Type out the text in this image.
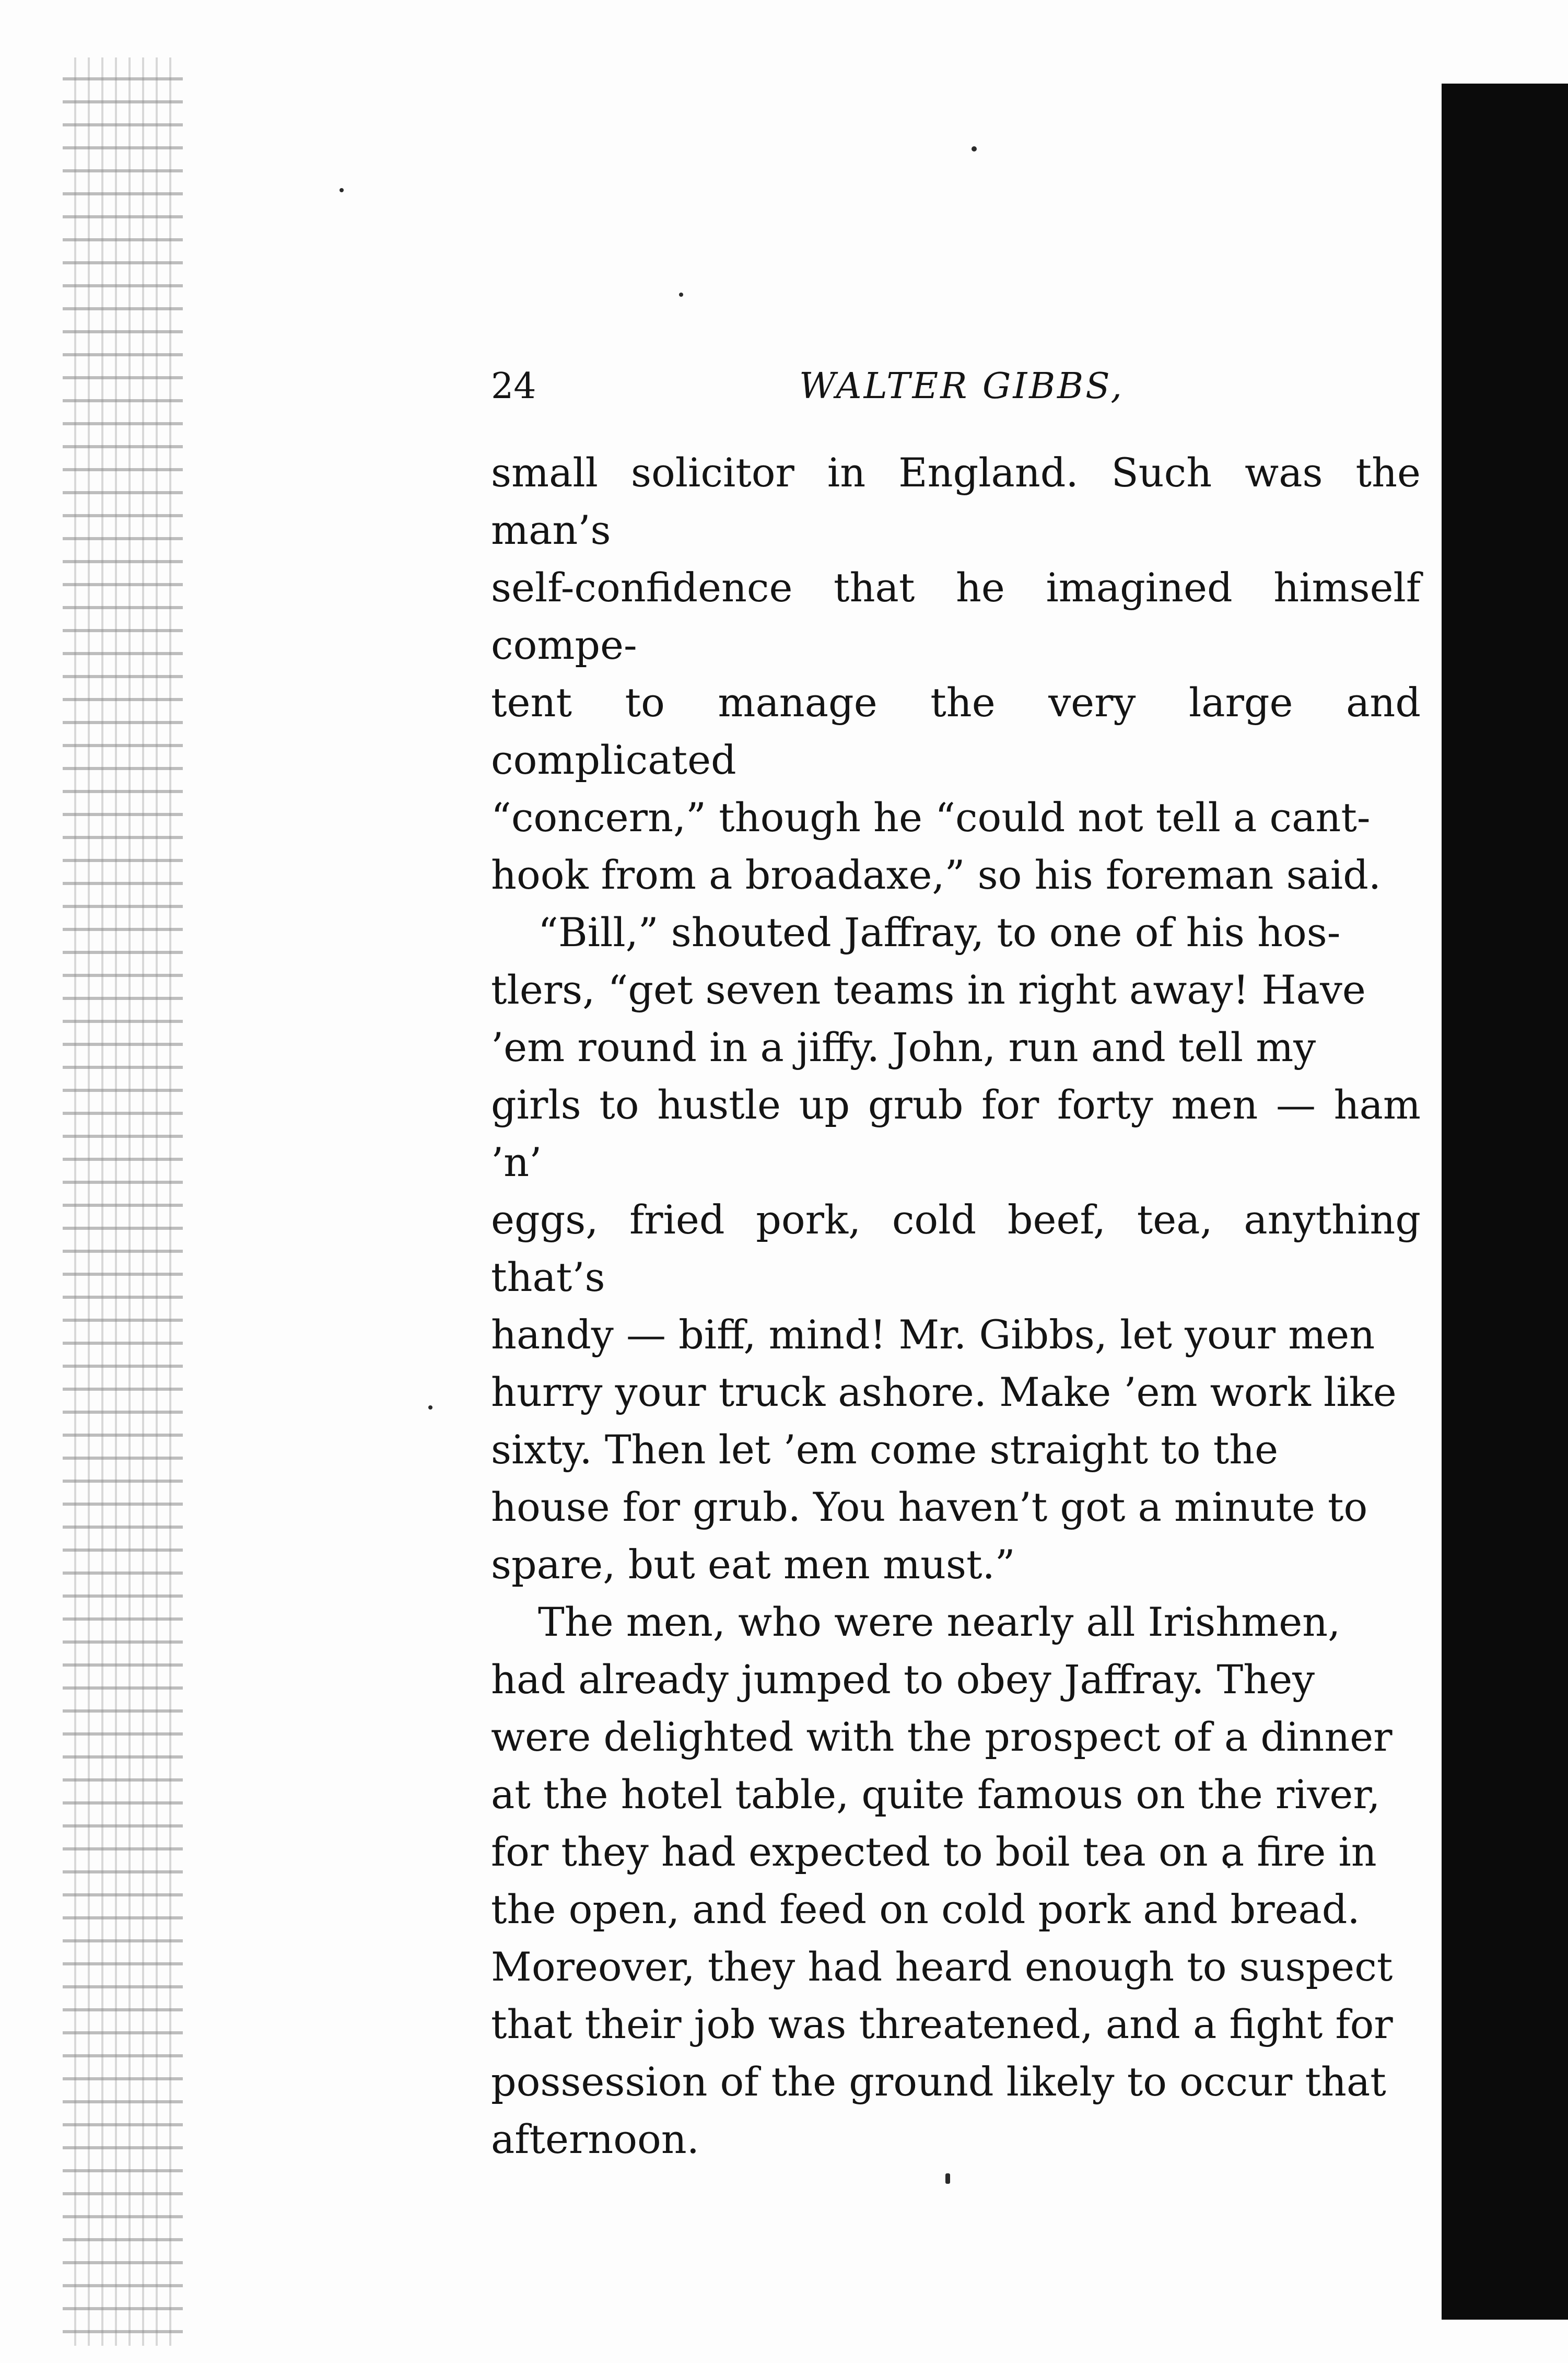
24	WALTER GIBBS,

small solicitor in England. Such was the man’s
self-confidence that he imagined himself compe-
tent to manage the very large and complicated
“concern,” though he “could not tell a cant-
hook from a broadaxe,” so his foreman said.

“Bill,” shouted Jaffray, to one of his hos-
tlers, “get seven teams in right away! Have
’em round in a jiffy. John, run and tell my
girls to hustle up grub for forty men — ham ’n’
eggs, fried pork, cold beef, tea, anything that’s
handy — biff, mind! Mr. Gibbs, let your men
hurry your truck ashore. Make ’em work like
sixty. Then let ’em come straight to the
house for grub. You haven’t got a minute to
spare, but eat men must.”

The men, who were nearly all Irishmen,
had already jumped to obey Jaffray. They
were delighted with the prospect of a dinner
at the hotel table, quite famous on the river,
for they had expected to boil tea on a fire in
the open, and feed on cold pork and bread.
Moreover, they had heard enough to suspect
that their job was threatened, and a fight for
possession of the ground likely to occur that
afternoon.
